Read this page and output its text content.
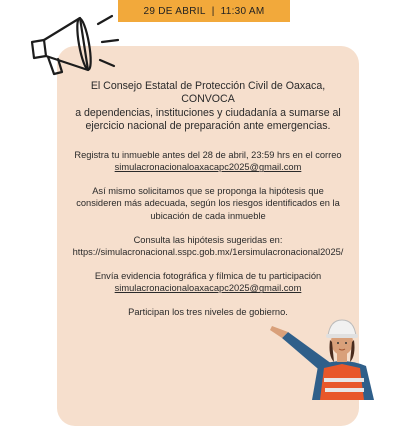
29 DE ABRIL | 11:30 AM

El Consejo Estatal de Protección Civil de Oaxaca,

CONVOCA

a dependencias, instituciones y ciudadanía a sumarse al

ejercicio nacional de preparación ante emergencias.

Registra tu inmueble antes del 28 de abril, 23:59 hrs en el correo

simulacronacionaloaxacapc2025@gmail.com

Así mismo solicitamos que se proponga la hipótesis que

consideren más adecuada, según los riesgos identificados en la

ubicación de cada inmueble

Consulta las hipótesis sugeridas en:

https://simulacronacional.sspc.gob.mx/1ersimulacronacional2025/

Envía evidencia fotográfica y fílmica de tu participación

simulacronacionaloaxacapc2025@gmail.com

Participan los tres niveles de gobierno.
